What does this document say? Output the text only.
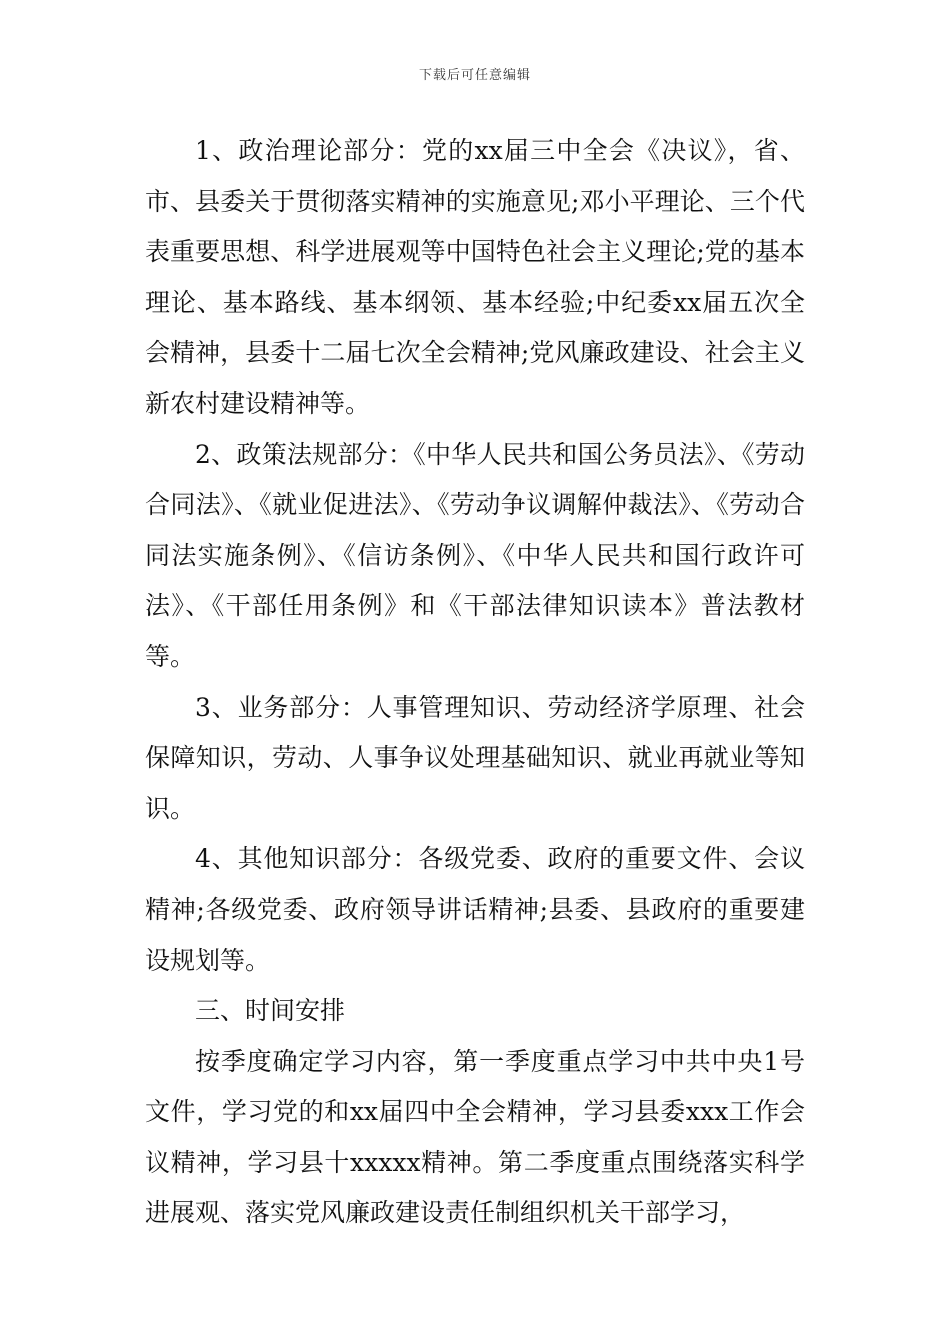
下载后可任意编辑

1、政治理论部分：党的xx届三中全会《决议》，省、市、县委关于贯彻落实精神的实施意见;邓小平理论、三个代表重要思想、科学进展观等中国特色社会主义理论;党的基本理论、基本路线、基本纲领、基本经验;中纪委xx届五次全会精神，县委十二届七次全会精神;党风廉政建设、社会主义新农村建设精神等。

2、政策法规部分：《中华人民共和国公务员法》、《劳动合同法》、《就业促进法》、《劳动争议调解仲裁法》、《劳动合同法实施条例》、《信访条例》、《中华人民共和国行政许可法》、《干部任用条例》和《干部法律知识读本》普法教材等。

3、业务部分：人事管理知识、劳动经济学原理、社会保障知识，劳动、人事争议处理基础知识、就业再就业等知识。

4、其他知识部分：各级党委、政府的重要文件、会议精神;各级党委、政府领导讲话精神;县委、县政府的重要建设规划等。

三、时间安排

按季度确定学习内容，第一季度重点学习中共中央1号文件，学习党的和xx届四中全会精神，学习县委xxx工作会议精神，学习县十xxxxx精神。第二季度重点围绕落实科学进展观、落实党风廉政建设责任制组织机关干部学习，
